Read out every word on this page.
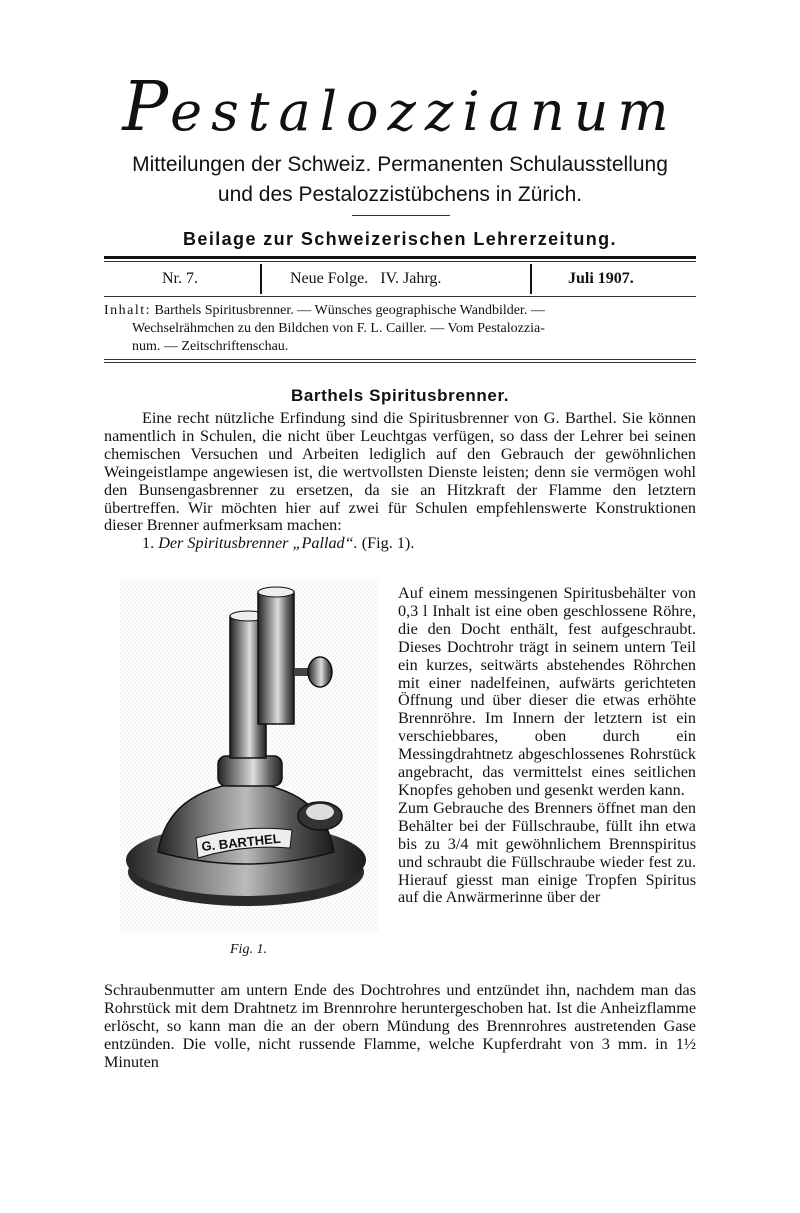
Pestalozzianum
Mitteilungen der Schweiz. Permanenten Schulausstellung
und des Pestalozzistübchens in Zürich.
Beilage zur Schweizerischen Lehrerzeitung.
Nr. 7.	Neue Folge.   IV. Jahrg.	Juli 1907.
Inhalt: Barthels Spiritusbrenner. — Wünsches geographische Wandbilder. —
Wechselrähmchen zu den Bildchen von F. L. Cailler. — Vom Pestalozzia-
num. — Zeitschriftenschau.
Barthels Spiritusbrenner.

Eine recht nützliche Erfindung sind die Spiritusbrenner von G. Barthel. Sie können namentlich in Schulen, die nicht über Leuchtgas verfügen, so dass der Lehrer bei seinen chemischen Versuchen und Arbeiten lediglich auf den Gebrauch der gewöhnlichen Weingeistlampe angewiesen ist, die wertvollsten Dienste leisten; denn sie vermögen wohl den Bunsengasbrenner zu ersetzen, da sie an Hitzkraft der Flamme den letztern übertreffen. Wir möchten hier auf zwei für Schulen empfehlenswerte Konstruktionen dieser Brenner aufmerksam machen:

1. Der Spiritusbrenner „Pallad“. (Fig. 1).

G. BARTHEL
Fig. 1.

Auf einem messingenen Spiritusbehälter von 0,3 l Inhalt ist eine oben geschlossene Röhre, die den Docht enthält, fest aufgeschraubt. Dieses Dochtrohr trägt in seinem untern Teil ein kurzes, seitwärts abstehendes Röhrchen mit einer nadelfeinen, aufwärts gerichteten Öffnung und über dieser die etwas erhöhte Brennröhre. Im Innern der letztern ist ein verschiebbares, oben durch ein Messingdrahtnetz abgeschlossenes Rohrstück angebracht, das vermittelst eines seitlichen Knopfes gehoben und gesenkt werden kann.

Zum Gebrauche des Brenners öffnet man den Behälter bei der Füllschraube, füllt ihn etwa bis zu 3/4 mit gewöhnlichem Brennspiritus und schraubt die Füllschraube wieder fest zu. Hierauf giesst man einige Tropfen Spiritus auf die Anwärmerinne über der

Schraubenmutter am untern Ende des Dochtrohres und entzündet ihn, nachdem man das Rohrstück mit dem Drahtnetz im Brennrohre heruntergeschoben hat. Ist die Anheizflamme erlöscht, so kann man die an der obern Mündung des Brennrohres austretenden Gase entzünden. Die volle, nicht russende Flamme, welche Kupferdraht von 3 mm. in 1½ Minuten
